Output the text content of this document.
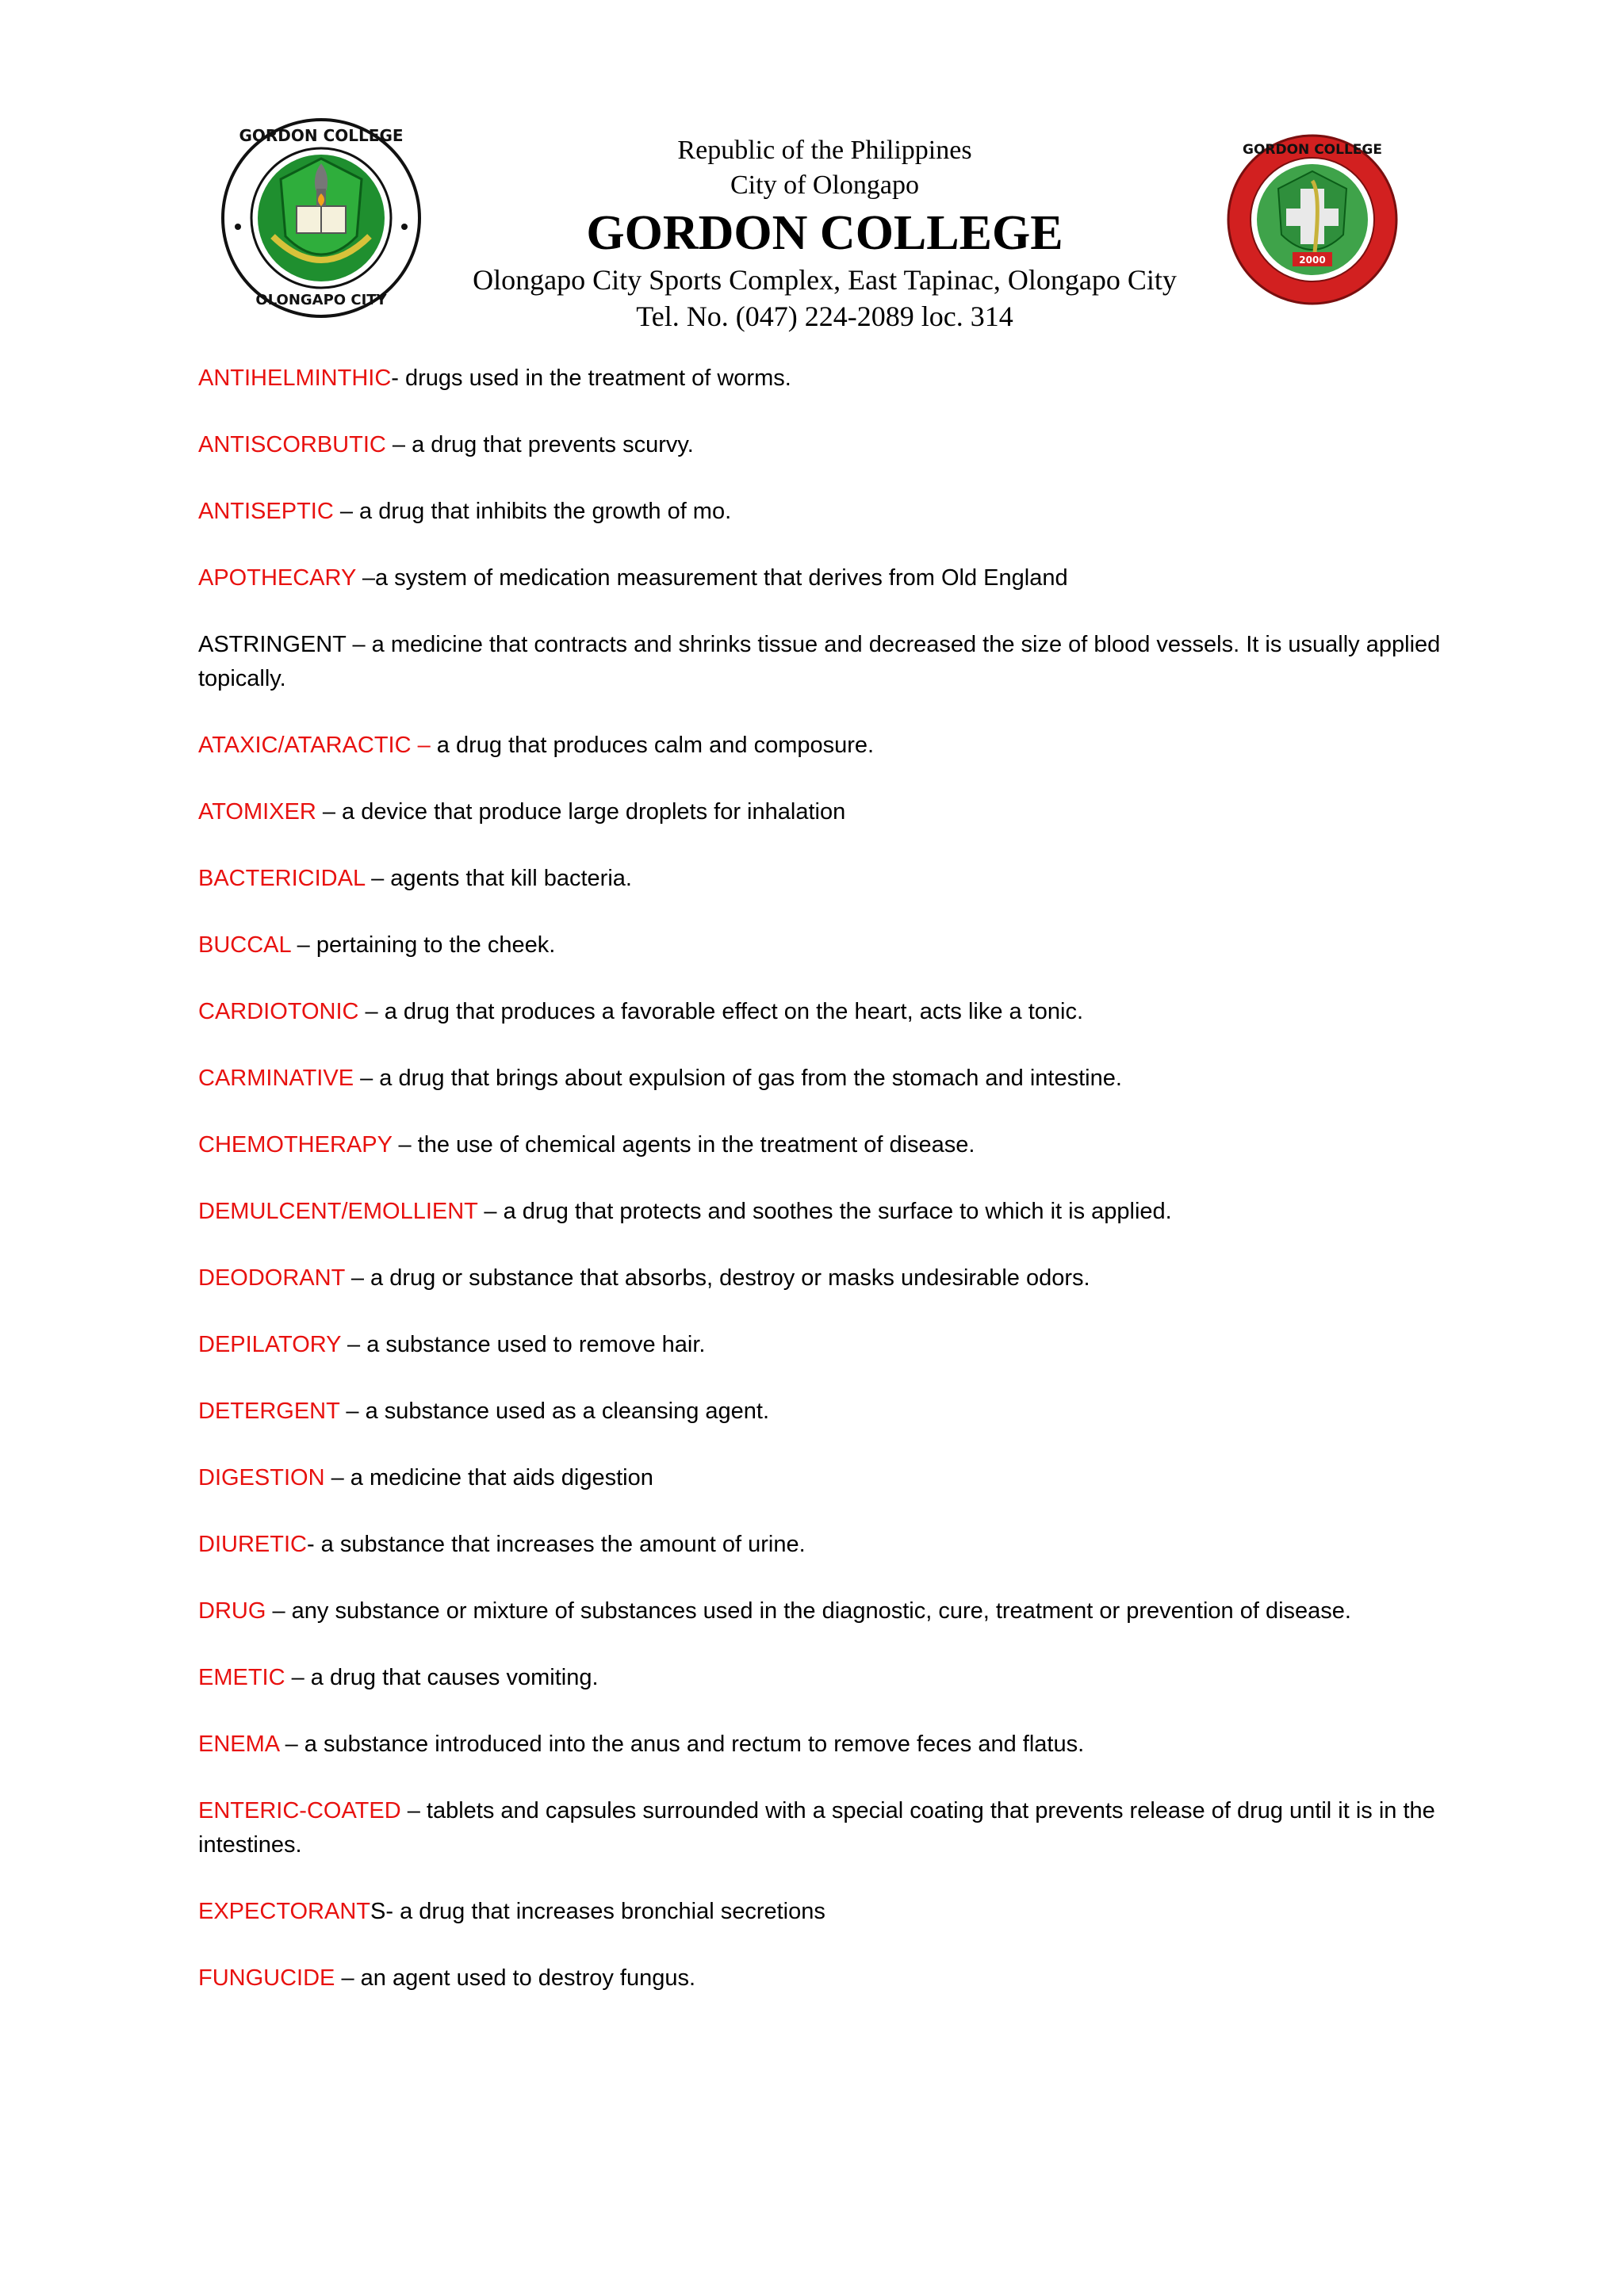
GORDON COLLEGE
OLONGAPO CITY
Republic of the Philippines
City of Olongapo
GORDON COLLEGE
Olongapo City Sports Complex, East Tapinac, Olongapo City
Tel. No. (047) 224-2089 loc. 314
2000
GORDON COLLEGE

ANTIHELMINTHIC- drugs used in the treatment of worms.

ANTISCORBUTIC – a drug that prevents scurvy.

ANTISEPTIC – a drug that inhibits the growth of mo.

APOTHECARY –a system of medication measurement that derives from Old England

ASTRINGENT – a medicine that contracts and shrinks tissue and decreased the size of blood vessels. It is usually applied topically.

ATAXIC/ATARACTIC – a drug that produces calm and composure.

ATOMIXER – a device that produce large droplets for inhalation

BACTERICIDAL – agents that kill bacteria.

BUCCAL – pertaining to the cheek.

CARDIOTONIC – a drug that produces a favorable effect on the heart, acts like a tonic.

CARMINATIVE – a drug that brings about expulsion of gas from the stomach and intestine.

CHEMOTHERAPY – the use of chemical agents in the treatment of disease.

DEMULCENT/EMOLLIENT – a drug that protects and soothes the surface to which it is applied.

DEODORANT – a drug or substance that absorbs, destroy or masks undesirable odors.

DEPILATORY – a substance used to remove hair.

DETERGENT – a substance used as a cleansing agent.

DIGESTION – a medicine that aids digestion

DIURETIC- a substance that increases the amount of urine.

DRUG – any substance or mixture of substances used in the diagnostic, cure, treatment or prevention of disease.

EMETIC – a drug that causes vomiting.

ENEMA – a substance introduced into the anus and rectum to remove feces and flatus.

ENTERIC-COATED – tablets and capsules surrounded with a special coating that prevents release of drug until it is in the intestines.

EXPECTORANTS- a drug that increases bronchial secretions

FUNGUCIDE – an agent used to destroy fungus.
